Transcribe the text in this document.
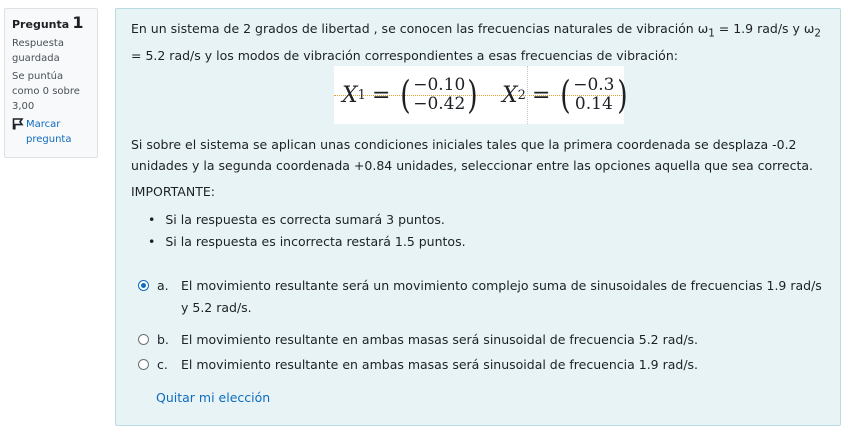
Pregunta 1
Respuesta guardada
Se puntúa como 0 sobre 3,00
Marcar pregunta
En un sistema de 2 grados de libertad , se conocen las frecuencias naturales de vibración $\omega_1 = 1.9$ rad/s y $\omega_2 = 5.2$ rad/s y los modos de vibración correspondientes a esas frecuencias de vibración:
X 1 = ( −0.10
−0.42 ) X 2 = ( −0.3
0.14 )
Si sobre el sistema se aplican unas condiciones iniciales tales que la primera coordenada se desplaza -0.2 unidades y la segunda coordenada +0.84 unidades, seleccionar entre las opciones aquella que sea correcta.
IMPORTANTE:
• Si la respuesta es correcta sumará 3 puntos.
• Si la respuesta es incorrecta restará 1.5 puntos.
a. El movimiento resultante será un movimiento complejo suma de sinusoidales de frecuencias 1.9 rad/s y 5.2 rad/s.
b. El movimiento resultante en ambas masas será sinusoidal de frecuencia 5.2 rad/s.
c.	El movimiento resultante en ambas masas será sinusoidal de frecuencia 1.9 rad/s.
Quitar mi elección
